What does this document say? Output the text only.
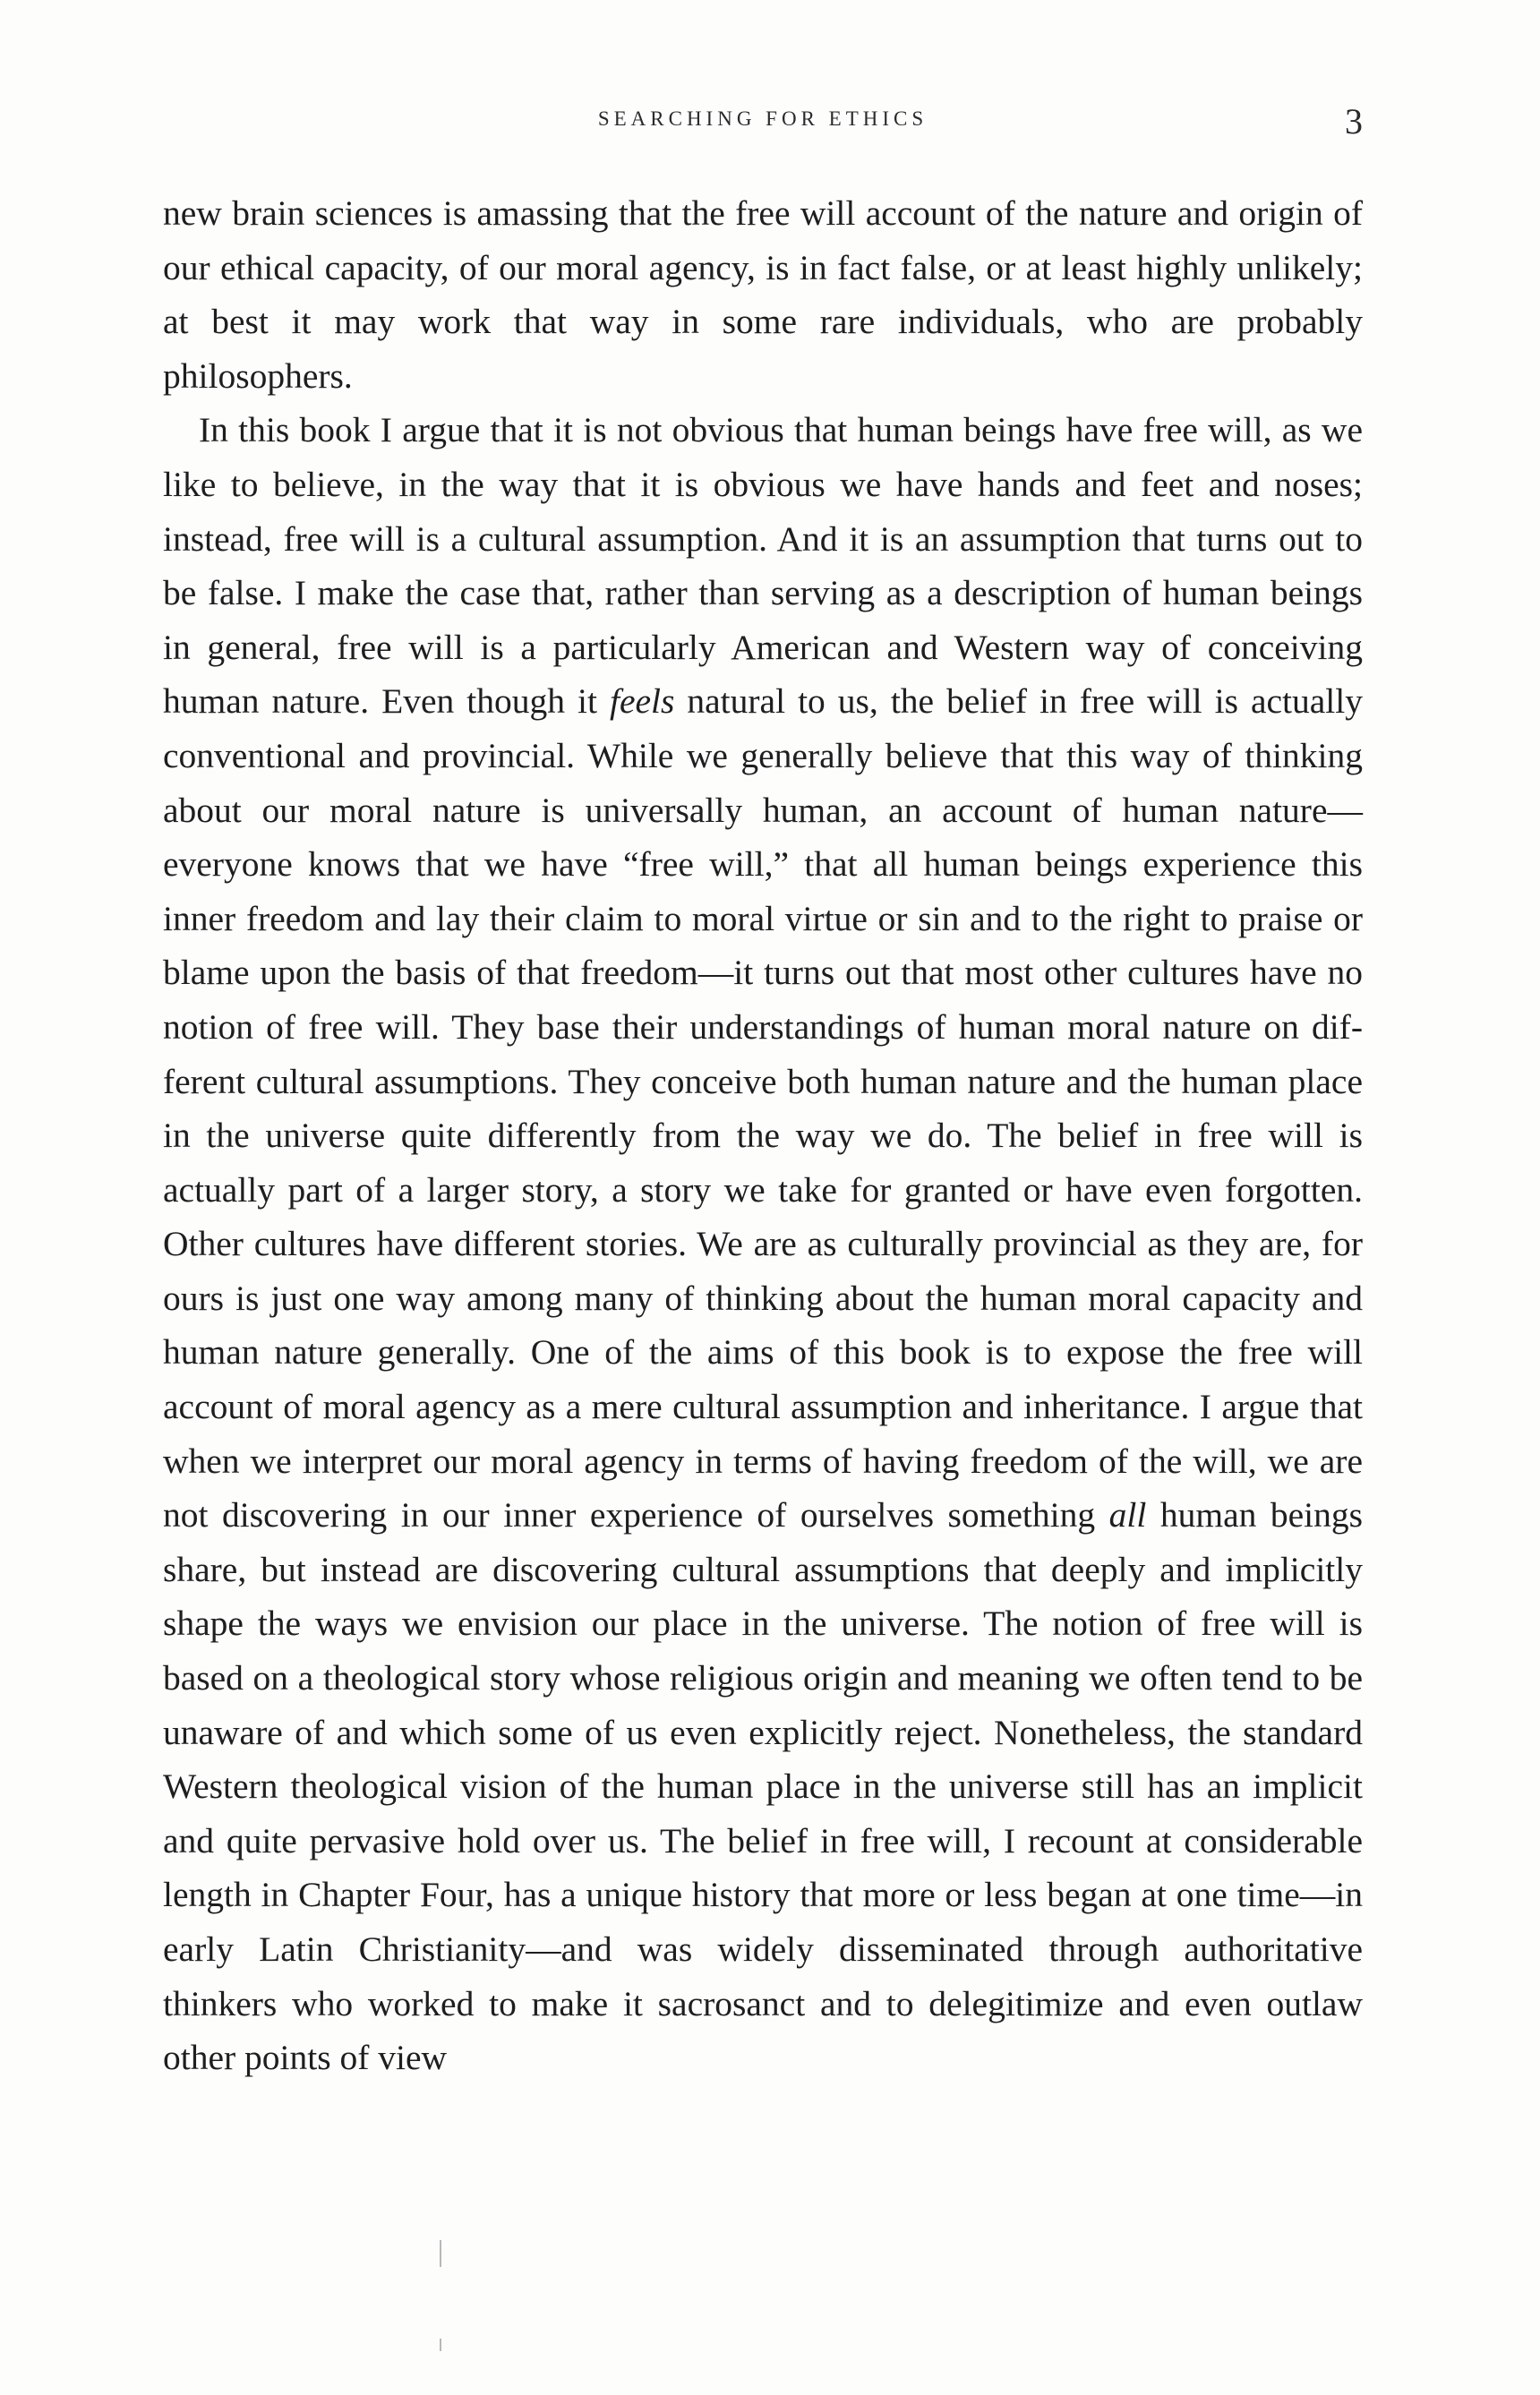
SEARCHING FOR ETHICS	3

new brain sciences is amassing that the free will account of the nature and origin of our ethical capacity, of our moral agency, is in fact false, or at least highly unlikely; at best it may work that way in some rare individuals, who are probably philosophers.

In this book I argue that it is not obvious that human beings have free will, as we like to believe, in the way that it is obvious we have hands and feet and noses; instead, free will is a cultural assumption. And it is an assumption that turns out to be false. I make the case that, rather than serving as a description of human beings in general, free will is a particularly American and Western way of conceiving human nature. Even though it feels natural to us, the belief in free will is actually conventional and provincial. While we generally believe that this way of thinking about our moral nature is universally human, an account of human nature—everyone knows that we have “free will,” that all human beings experience this inner freedom and lay their claim to moral virtue or sin and to the right to praise or blame upon the basis of that freedom—it turns out that most other cultures have no notion of free will. They base their understandings of human moral nature on different cultural assumptions. They conceive both human nature and the human place in the universe quite differently from the way we do. The belief in free will is actually part of a larger story, a story we take for granted or have even forgotten. Other cultures have different stories. We are as culturally provincial as they are, for ours is just one way among many of thinking about the human moral capacity and human nature generally. One of the aims of this book is to expose the free will account of moral agency as a mere cultural assumption and inheritance. I argue that when we interpret our moral agency in terms of having freedom of the will, we are not discovering in our inner experience of ourselves something all human beings share, but instead are discovering cultural assumptions that deeply and implicitly shape the ways we envision our place in the universe. The notion of free will is based on a theological story whose religious origin and meaning we often tend to be unaware of and which some of us even explicitly reject. Nonetheless, the standard Western theological vision of the human place in the universe still has an implicit and quite pervasive hold over us. The belief in free will, I recount at considerable length in Chapter Four, has a unique history that more or less began at one time—in early Latin Christianity—and was widely disseminated through authoritative thinkers who worked to make it sacrosanct and to delegitimize and even outlaw other points of view
